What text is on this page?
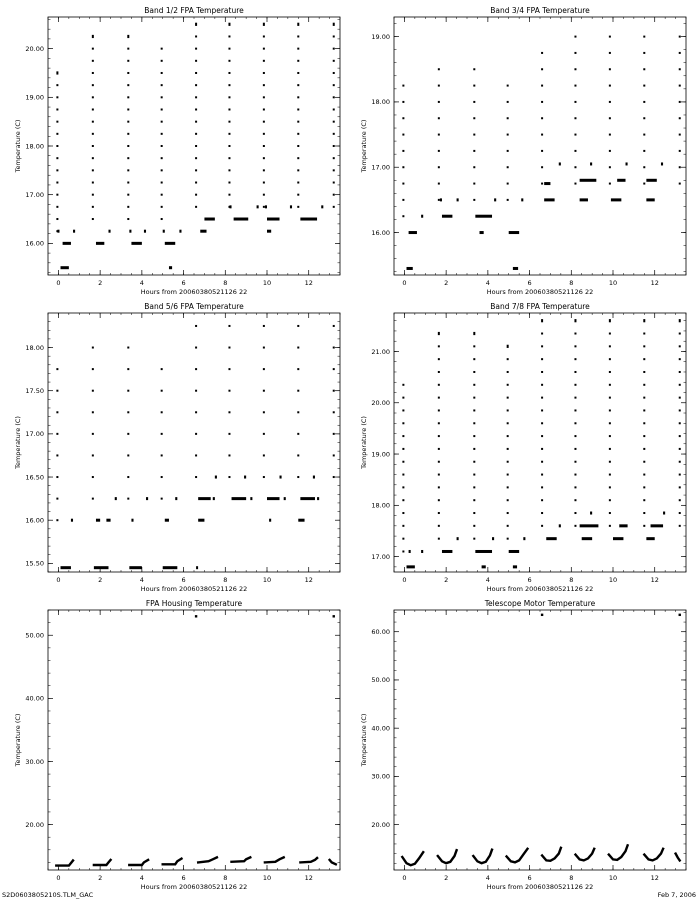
Band 1/2 FPA Temperature
Hours from 20060380521126 22
Temperature (C)
0	2	4	6	8	10	12
16.00
17.00
18.00
19.00
20.00
Band 3/4 FPA Temperature
Hours from 20060380521126 22
Temperature (C)
0	2	4	6	8	10	12
16.00
17.00
18.00
19.00
Band 5/6 FPA Temperature
Hours from 20060380521126 22
Temperature (C)
0	2	4	6	8	10	12
15.50
16.00
16.50
17.00
17.50
18.00
Band 7/8 FPA Temperature
Hours from 20060380521126 22
Temperature (C)
0	2	4	6	8	10	12
17.00
18.00
19.00
20.00
21.00
FPA Housing Temperature
Hours from 20060380521126 22
Temperature (C)
0	2	4	6	8	10	12
20.00
30.00
40.00
50.00
Telescope Motor Temperature
Hours from 20060380521126 22
Temperature (C)
0	2	4	6	8	10	12
20.00
30.00
40.00
50.00
60.00
S2D0603805210S.TLM_GAC	Feb 7, 2006
